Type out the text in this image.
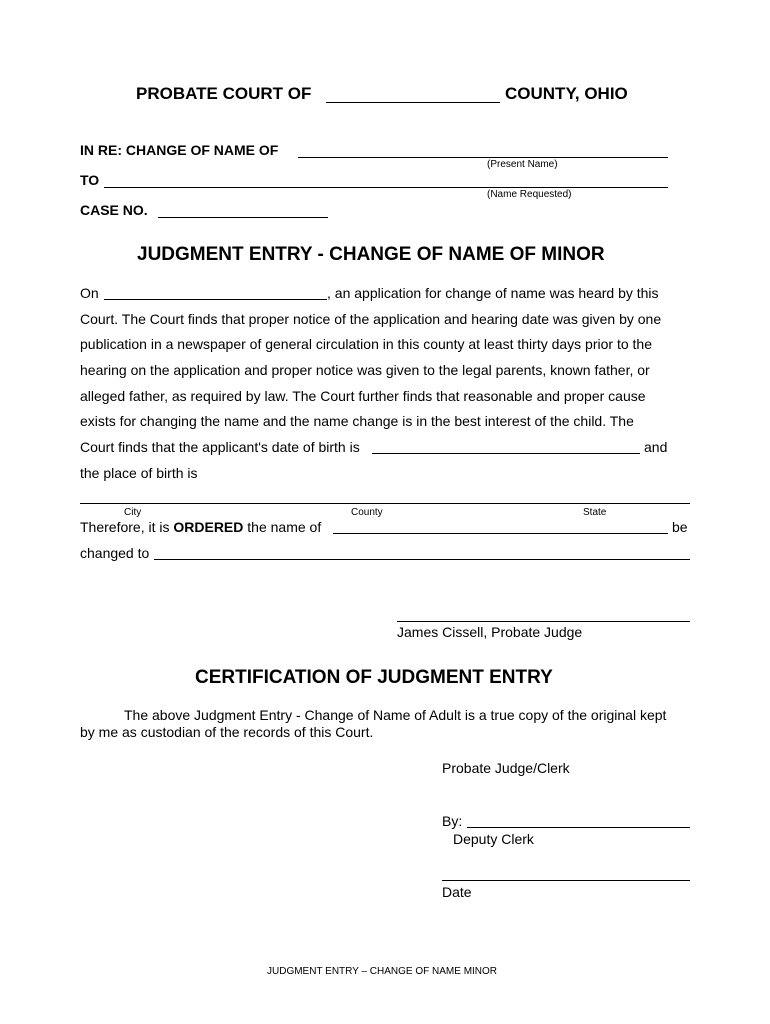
PROBATE COURT OF	COUNTY, OHIO
IN RE: CHANGE OF NAME OF
(Present Name)
TO
(Name Requested)
CASE NO.
JUDGMENT ENTRY - CHANGE OF NAME OF MINOR
On	, an application for change of name was heard by this
Court. The Court finds that proper notice of the application and hearing date was given by one
publication in a newspaper of general circulation in this county at least thirty days prior to the
hearing on the application and proper notice was given to the legal parents, known father, or
alleged father, as required by law. The Court further finds that reasonable and proper cause
exists for changing the name and the name change is in the best interest of the child. The
Court finds that the applicant's date of birth is	and
the place of birth is
City	County	State
Therefore, it is ORDERED the name of	be
changed to
James Cissell, Probate Judge
CERTIFICATION OF JUDGMENT ENTRY
The above Judgment Entry - Change of Name of Adult is a true copy of the original kept
by me as custodian of the records of this Court.
Probate Judge/Clerk
By:
Deputy Clerk
Date
JUDGMENT ENTRY – CHANGE OF NAME MINOR
